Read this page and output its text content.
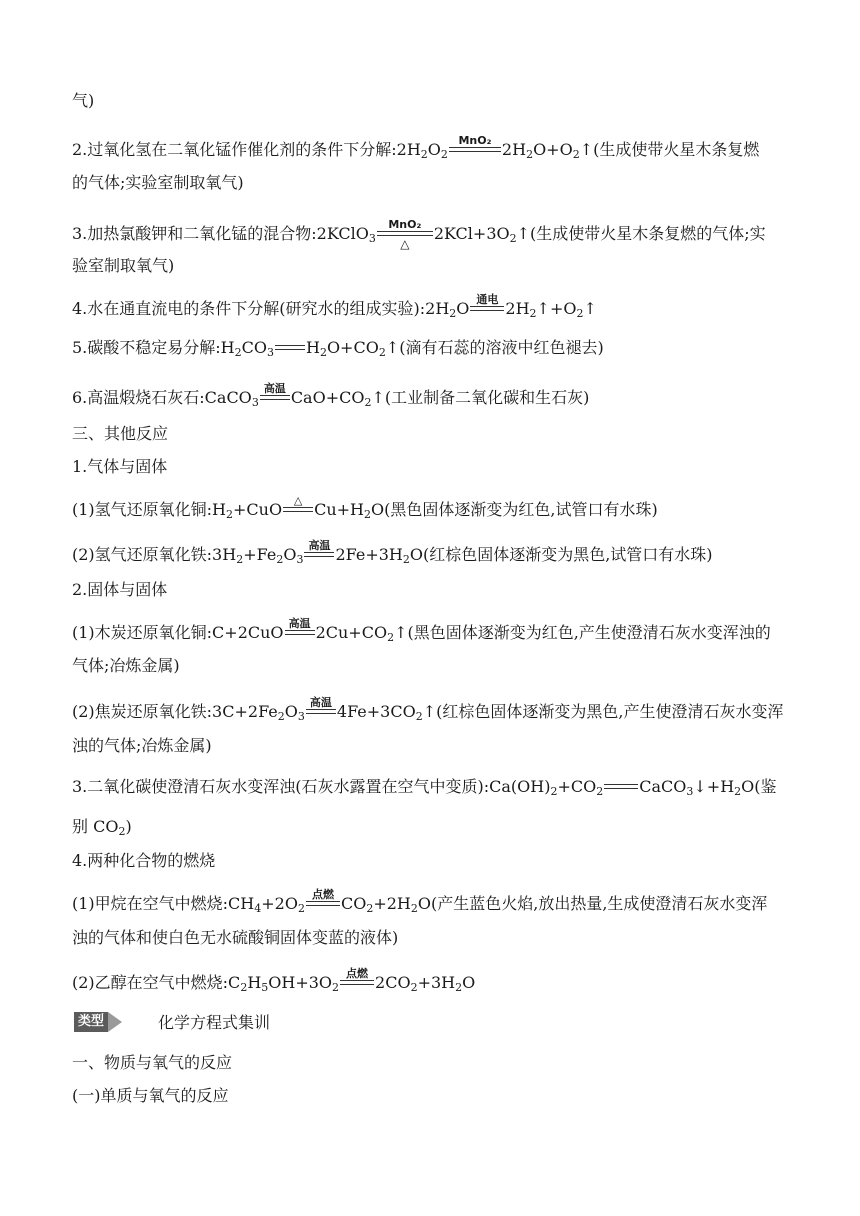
气)
2.过氧化氢在二氧化锰作催化剂的条件下分解$:2H_2O_2$
MnO₂ $2H_2O+O_2↑$(生成使带火星木条复燃
的气体;实验室制取氧气)
3.加热氯酸钾和二氧化锰的混合物:2KClO$_3$
MnO₂
△
$2KCl+3O_2↑$(生成使带火星木条复燃的气体;实
验室制取氧气)
4.水在通直流电的条件下分解(研究水的组成实验)$:2H_2O$ 通电 $2H_2↑+O_2↑$
5.碳酸不稳定易分解$:H_2CO_3$ $H_2O+CO_2↑$(滴有石蕊的溶液中红色褪去)
6.高温煅烧石灰石:CaCO$_3$
高温 $CaO+CO_2↑$(工业制备二氧化碳和生石灰)
三、其他反应
1.气体与固体
(1)氢气还原氧化铜$:H_2+CuO$	△ $Cu+H_2O$(黑色固体逐渐变为红色,试管口有水珠)
(2)氢气还原氧化铁$:3H_2+Fe_2O_3$
高温 $2Fe+3H_2O$(红棕色固体逐渐变为黑色,试管口有水珠)
2.固体与固体
(1)木炭还原氧化铜:C+2CuO 高温 $2Cu+CO_2↑$(黑色固体逐渐变为红色,产生使澄清石灰水变浑浊的
气体;冶炼金属)
(2)焦炭还原氧化铁$:3C+2Fe_2O_3$
高温 $4Fe+3CO_2↑$(红棕色固体逐渐变为黑色,产生使澄清石灰水变浑
浊的气体;冶炼金属)
3.二氧化碳使澄清石灰水变浑浊(石灰水露置在空气中变质)$:Ca(OH)_2+CO_2$ $CaCO_3↓+H_2O$(鉴
别 $CO_2$)
4.两种化合物的燃烧
(1)甲烷在空气中燃烧$:CH_4+2O_2$
点燃 $CO_2+2H_2O$(产生蓝色火焰,放出热量,生成使澄清石灰水变浑
浊的气体和使白色无水硫酸铜固体变蓝的液体)
(2)乙醇在空气中燃烧$:C_2H_5OH+3O_2$
点燃 $2CO_2+3H_2O$
类型	化学方程式集训
一、物质与氧气的反应
(一)单质与氧气的反应
